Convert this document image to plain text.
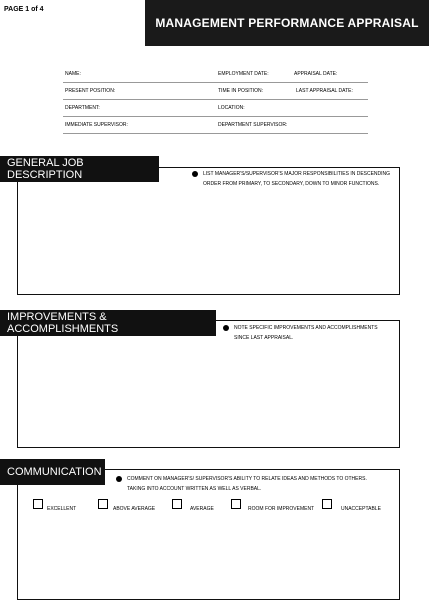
PAGE 1 of 4
MANAGEMENT PERFORMANCE APPRAISAL
NAME:	EMPLOYMENT DATE:	APPRAISAL DATE:
PRESENT POSITION:	TIME IN POSITION:	LAST APPRAISAL DATE:
DEPARTMENT:	LOCATION:
IMMEDIATE SUPERVISOR:	DEPARTMENT SUPERVISOR:
GENERAL JOB DESCRIPTION	LIST MANAGER'S/SUPERVISOR'S MAJOR RESPONSIBILITIES IN DESCENDING
ORDER FROM PRIMARY, TO SECONDARY, DOWN TO MINOR FUNCTIONS.
IMPROVEMENTS & ACCOMPLISHMENTS	NOTE SPECIFIC IMPROVEMENTS AND ACCOMPLISHMENTS
SINCE LAST APPRAISAL.
COMMUNICATION
COMMENT ON MANAGER'S/ SUPERVISOR'S ABILITY TO RELATE IDEAS AND METHODS TO OTHERS.
TAKING INTO ACCOUNT WRITTEN AS WELL AS VERBAL.
EXCELLENT	ABOVE AVERAGE	AVERAGE	ROOM FOR IMPROVEMENT	UNACCEPTABLE
